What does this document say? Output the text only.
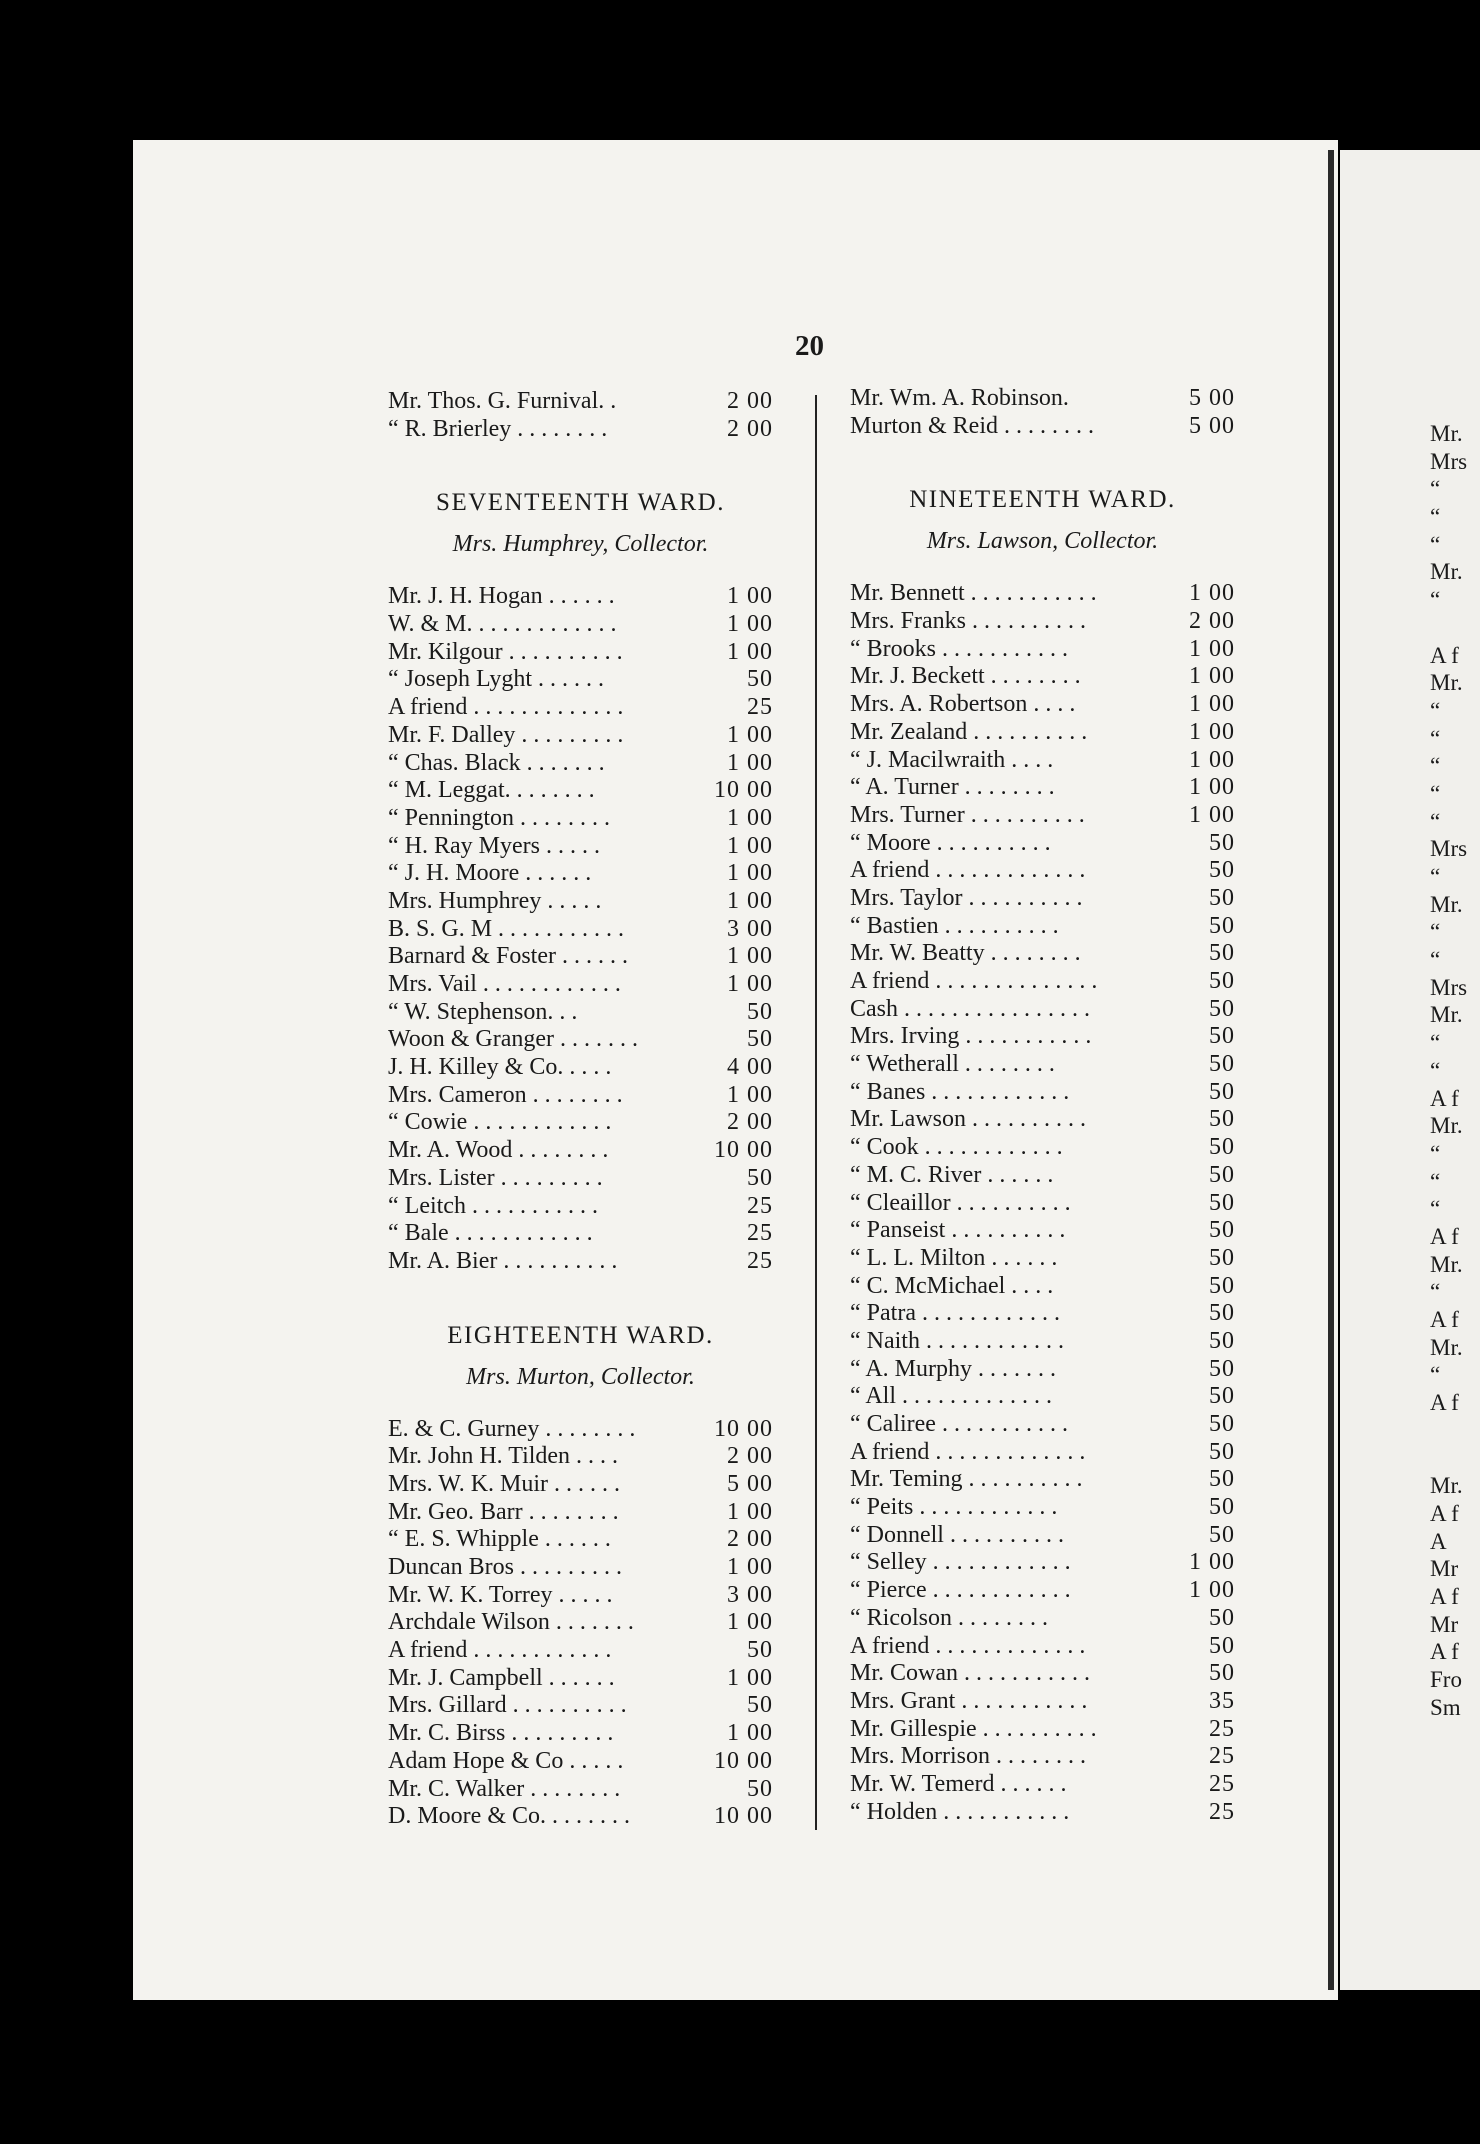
Mr.
Mrs
“
“
“
Mr.
“
A f
Mr.
“
“
“
“
“
Mrs
“
Mr.
“
“
Mrs
Mr.
“
“
A f
Mr.
“
“
“
A f
Mr.
“
A f
Mr.
“
A f
Mr.
A f
A
Mr
A f
Mr
A f
Fro
Sm
20
Mr. Thos. G. Furnival. .	2 00
“ R. Brierley . . . . . . . .	2 00
SEVENTEENTH WARD.
Mrs. Humphrey, Collector.
Mr. J. H. Hogan . . . . . .	1 00
W. & M. . . . . . . . . . . . .	1 00
Mr. Kilgour . . . . . . . . . .	1 00
“ Joseph Lyght . . . . . .	50
A friend . . . . . . . . . . . . .	25
Mr. F. Dalley . . . . . . . . .	1 00
“ Chas. Black . . . . . . .	1 00
“ M. Leggat. . . . . . . .	10 00
“ Pennington . . . . . . . .	1 00
“ H. Ray Myers . . . . .	1 00
“ J. H. Moore . . . . . .	1 00
Mrs. Humphrey . . . . .	1 00
B. S. G. M . . . . . . . . . . .	3 00
Barnard & Foster . . . . . .	1 00
Mrs. Vail . . . . . . . . . . . .	1 00
“ W. Stephenson. . .	50
Woon & Granger . . . . . . .	50
J. H. Killey & Co. . . . .	4 00
Mrs. Cameron . . . . . . . .	1 00
“ Cowie . . . . . . . . . . . .	2 00
Mr. A. Wood . . . . . . . .	10 00
Mrs. Lister . . . . . . . . .	50
“ Leitch . . . . . . . . . . .	25
“ Bale . . . . . . . . . . . .	25
Mr. A. Bier . . . . . . . . . .	25
EIGHTEENTH WARD.
Mrs. Murton, Collector.
E. & C. Gurney . . . . . . . .	10 00
Mr. John H. Tilden . . . .	2 00
Mrs. W. K. Muir . . . . . .	5 00
Mr. Geo. Barr . . . . . . . .	1 00
“ E. S. Whipple . . . . . .	2 00
Duncan Bros . . . . . . . . .	1 00
Mr. W. K. Torrey . . . . .	3 00
Archdale Wilson . . . . . . .	1 00
A friend . . . . . . . . . . . .	50
Mr. J. Campbell . . . . . .	1 00
Mrs. Gillard . . . . . . . . . .	50
Mr. C. Birss . . . . . . . . .	1 00
Adam Hope & Co . . . . .	10 00
Mr. C. Walker . . . . . . . .	50
D. Moore & Co. . . . . . . .	10 00
Mr. Wm. A. Robinson.	5 00
Murton & Reid . . . . . . . .	5 00
NINETEENTH WARD.
Mrs. Lawson, Collector.
Mr. Bennett . . . . . . . . . . .	1 00
Mrs. Franks . . . . . . . . . .	2 00
“ Brooks . . . . . . . . . . .	1 00
Mr. J. Beckett . . . . . . . .	1 00
Mrs. A. Robertson . . . .	1 00
Mr. Zealand . . . . . . . . . .	1 00
“ J. Macilwraith . . . .	1 00
“ A. Turner . . . . . . . .	1 00
Mrs. Turner . . . . . . . . . .	1 00
“ Moore . . . . . . . . . .	50
A friend . . . . . . . . . . . . .	50
Mrs. Taylor . . . . . . . . . .	50
“ Bastien . . . . . . . . . .	50
Mr. W. Beatty . . . . . . . .	50
A friend . . . . . . . . . . . . . .	50
Cash . . . . . . . . . . . . . . . .	50
Mrs. Irving . . . . . . . . . . .	50
“ Wetherall . . . . . . . .	50
“ Banes . . . . . . . . . . . .	50
Mr. Lawson . . . . . . . . . .	50
“ Cook . . . . . . . . . . . .	50
“ M. C. River . . . . . .	50
“ Cleaillor . . . . . . . . . .	50
“ Panseist . . . . . . . . . .	50
“ L. L. Milton . . . . . .	50
“ C. McMichael . . . .	50
“ Patra . . . . . . . . . . . .	50
“ Naith . . . . . . . . . . . .	50
“ A. Murphy . . . . . . .	50
“ All . . . . . . . . . . . . .	50
“ Caliree . . . . . . . . . . .	50
A friend . . . . . . . . . . . . .	50
Mr. Teming . . . . . . . . . .	50
“ Peits . . . . . . . . . . . .	50
“ Donnell . . . . . . . . . .	50
“ Selley . . . . . . . . . . . .	1 00
“ Pierce . . . . . . . . . . . .	1 00
“ Ricolson . . . . . . . .	50
A friend . . . . . . . . . . . . .	50
Mr. Cowan . . . . . . . . . . .	50
Mrs. Grant . . . . . . . . . . .	35
Mr. Gillespie . . . . . . . . . .	25
Mrs. Morrison . . . . . . . .	25
Mr. W. Temerd . . . . . .	25
“ Holden . . . . . . . . . . .	25
